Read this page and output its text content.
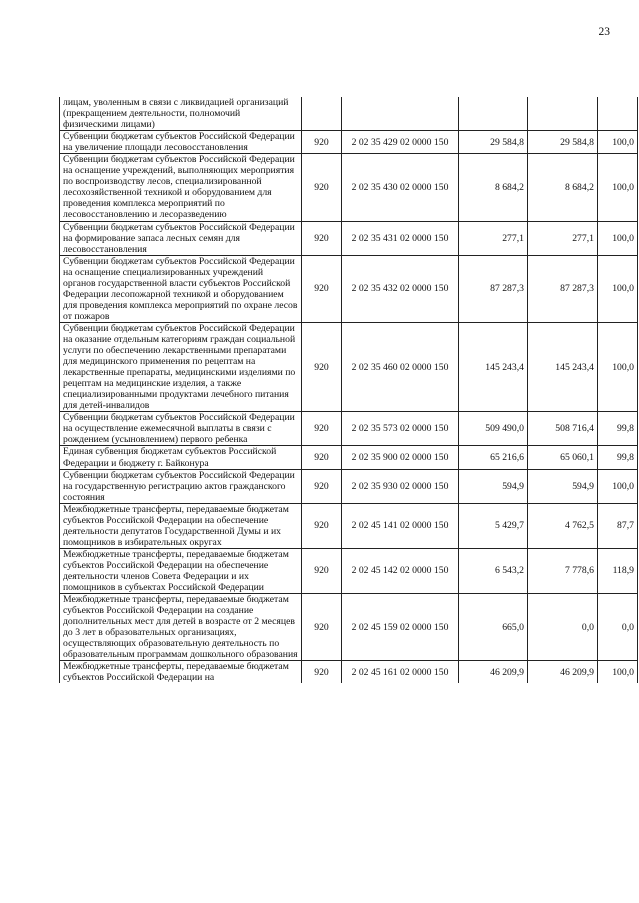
23
лицам, уволенным в связи с ликвидацией организаций (прекращением деятельности, полномочий физическими лицами)					
Субвенции бюджетам субъектов Российской Федерации на увеличение площади лесовосстановления	920	2 02 35 429 02 0000 150	29 584,8	29 584,8	100,0
Субвенции бюджетам субъектов Российской Федерации на оснащение учреждений, выполняющих мероприятия по воспроизводству лесов, специализированной лесохозяйственной техникой и оборудованием для проведения комплекса мероприятий по лесовосстановлению и лесоразведению	920	2 02 35 430 02 0000 150	8 684,2	8 684,2	100,0
Субвенции бюджетам субъектов Российской Федерации на формирование запаса лесных семян для лесовосстановления	920	2 02 35 431 02 0000 150	277,1	277,1	100,0
Субвенции бюджетам субъектов Российской Федерации на оснащение специализированных учреждений органов государственной власти субъектов Российской Федерации лесопожарной техникой и оборудованием для проведения комплекса мероприятий по охране лесов от пожаров	920	2 02 35 432 02 0000 150	87 287,3	87 287,3	100,0
Субвенции бюджетам субъектов Российской Федерации на оказание отдельным категориям граждан социальной услуги по обеспечению лекарственными препаратами для медицинского применения по рецептам на лекарственные препараты, медицинскими изделиями по рецептам на медицинские изделия, а также специализированными продуктами лечебного питания для детей-инвалидов	920	2 02 35 460 02 0000 150	145 243,4	145 243,4	100,0
Субвенции бюджетам субъектов Российской Федерации на осуществление ежемесячной выплаты в связи с рождением (усыновлением) первого ребенка	920	2 02 35 573 02 0000 150	509 490,0	508 716,4	99,8
Единая субвенция бюджетам субъектов Российской Федерации и бюджету г. Байконура	920	2 02 35 900 02 0000 150	65 216,6	65 060,1	99,8
Субвенции бюджетам субъектов Российской Федерации на государственную регистрацию актов гражданского состояния	920	2 02 35 930 02 0000 150	594,9	594,9	100,0
Межбюджетные трансферты, передаваемые бюджетам субъектов Российской Федерации на обеспечение деятельности депутатов Государственной Думы и их помощников в избирательных округах	920	2 02 45 141 02 0000 150	5 429,7	4 762,5	87,7
Межбюджетные трансферты, передаваемые бюджетам субъектов Российской Федерации на обеспечение деятельности членов Совета Федерации и их помощников в субъектах Российской Федерации	920	2 02 45 142 02 0000 150	6 543,2	7 778,6	118,9
Межбюджетные трансферты, передаваемые бюджетам субъектов Российской Федерации на создание дополнительных мест для детей в возрасте от 2 месяцев до 3 лет в образовательных организациях, осуществляющих образовательную деятельность по образовательным программам дошкольного образования	920	2 02 45 159 02 0000 150	665,0	0,0	0,0
Межбюджетные трансферты, передаваемые бюджетам субъектов Российской Федерации на	920	2 02 45 161 02 0000 150	46 209,9	46 209,9	100,0
